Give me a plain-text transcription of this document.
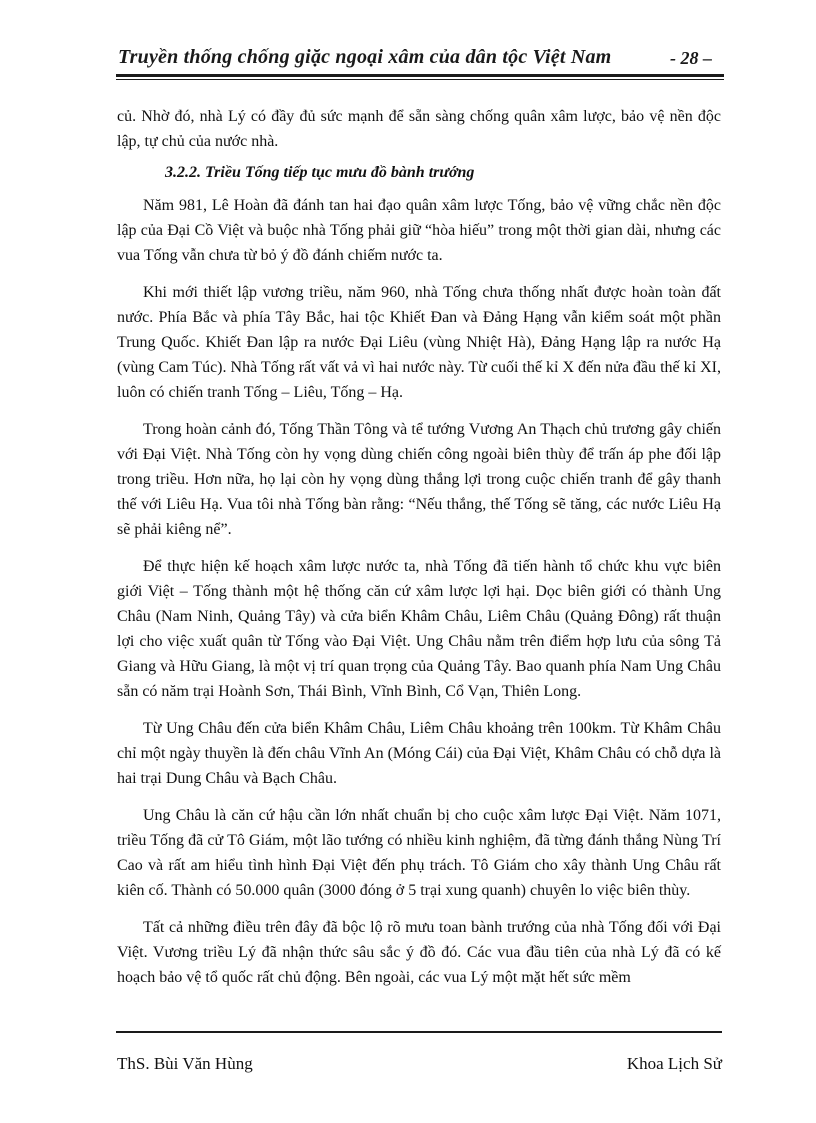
Truyền thống chống giặc ngoại xâm của dân tộc Việt Nam	- 28 –

củ. Nhờ đó, nhà Lý có đầy đủ sức mạnh để sẵn sàng chống quân xâm lược, bảo vệ nền độc lập, tự chủ của nước nhà.

3.2.2. Triều Tống tiếp tục mưu đồ bành trướng

Năm 981, Lê Hoàn đã đánh tan hai đạo quân xâm lược Tống, bảo vệ vững chắc nền độc lập của Đại Cồ Việt và buộc nhà Tống phải giữ “hòa hiếu” trong một thời gian dài, nhưng các vua Tống vẫn chưa từ bỏ ý đồ đánh chiếm nước ta.

Khi mới thiết lập vương triều, năm 960, nhà Tống chưa thống nhất được hoàn toàn đất nước. Phía Bắc và phía Tây Bắc, hai tộc Khiết Đan và Đảng Hạng vẫn kiểm soát một phần Trung Quốc. Khiết Đan lập ra nước Đại Liêu (vùng Nhiệt Hà), Đảng Hạng lập ra nước Hạ (vùng Cam Túc). Nhà Tống rất vất vả vì hai nước này. Từ cuối thế kỉ X đến nửa đầu thế kỉ XI, luôn có chiến tranh Tống – Liêu, Tống – Hạ.

Trong hoàn cảnh đó, Tống Thần Tông và tể tướng Vương An Thạch chủ trương gây chiến với Đại Việt. Nhà Tống còn hy vọng dùng chiến công ngoài biên thùy để trấn áp phe đối lập trong triều. Hơn nữa, họ lại còn hy vọng dùng thắng lợi trong cuộc chiến tranh để gây thanh thế với Liêu Hạ. Vua tôi nhà Tống bàn rằng: “Nếu thắng, thế Tống sẽ tăng, các nước Liêu Hạ sẽ phải kiêng nể”.

Để thực hiện kế hoạch xâm lược nước ta, nhà Tống đã tiến hành tổ chức khu vực biên giới Việt – Tống thành một hệ thống căn cứ xâm lược lợi hại. Dọc biên giới có thành Ung Châu (Nam Ninh, Quảng Tây) và cửa biển Khâm Châu, Liêm Châu (Quảng Đông) rất thuận lợi cho việc xuất quân từ Tống vào Đại Việt. Ung Châu nằm trên điểm hợp lưu của sông Tả Giang và Hữu Giang, là một vị trí quan trọng của Quảng Tây. Bao quanh phía Nam Ung Châu sẵn có năm trại Hoành Sơn, Thái Bình, Vĩnh Bình, Cổ Vạn, Thiên Long.

Từ Ung Châu đến cửa biển Khâm Châu, Liêm Châu khoảng trên 100km. Từ Khâm Châu chỉ một ngày thuyền là đến châu Vĩnh An (Móng Cái) của Đại Việt, Khâm Châu có chỗ dựa là hai trại Dung Châu và Bạch Châu.

Ung Châu là căn cứ hậu cần lớn nhất chuẩn bị cho cuộc xâm lược Đại Việt. Năm 1071, triều Tống đã cử Tô Giám, một lão tướng có nhiều kinh nghiệm, đã từng đánh thắng Nùng Trí Cao và rất am hiểu tình hình Đại Việt đến phụ trách. Tô Giám cho xây thành Ung Châu rất kiên cố. Thành có 50.000 quân (3000 đóng ở 5 trại xung quanh) chuyên lo việc biên thùy.

Tất cả những điều trên đây đã bộc lộ rõ mưu toan bành trướng của nhà Tống đối với Đại Việt. Vương triều Lý đã nhận thức sâu sắc ý đồ đó. Các vua đầu tiên của nhà Lý đã có kế hoạch bảo vệ tổ quốc rất chủ động. Bên ngoài, các vua Lý một mặt hết sức mềm

ThS. Bùi Văn Hùng	Khoa Lịch Sử
